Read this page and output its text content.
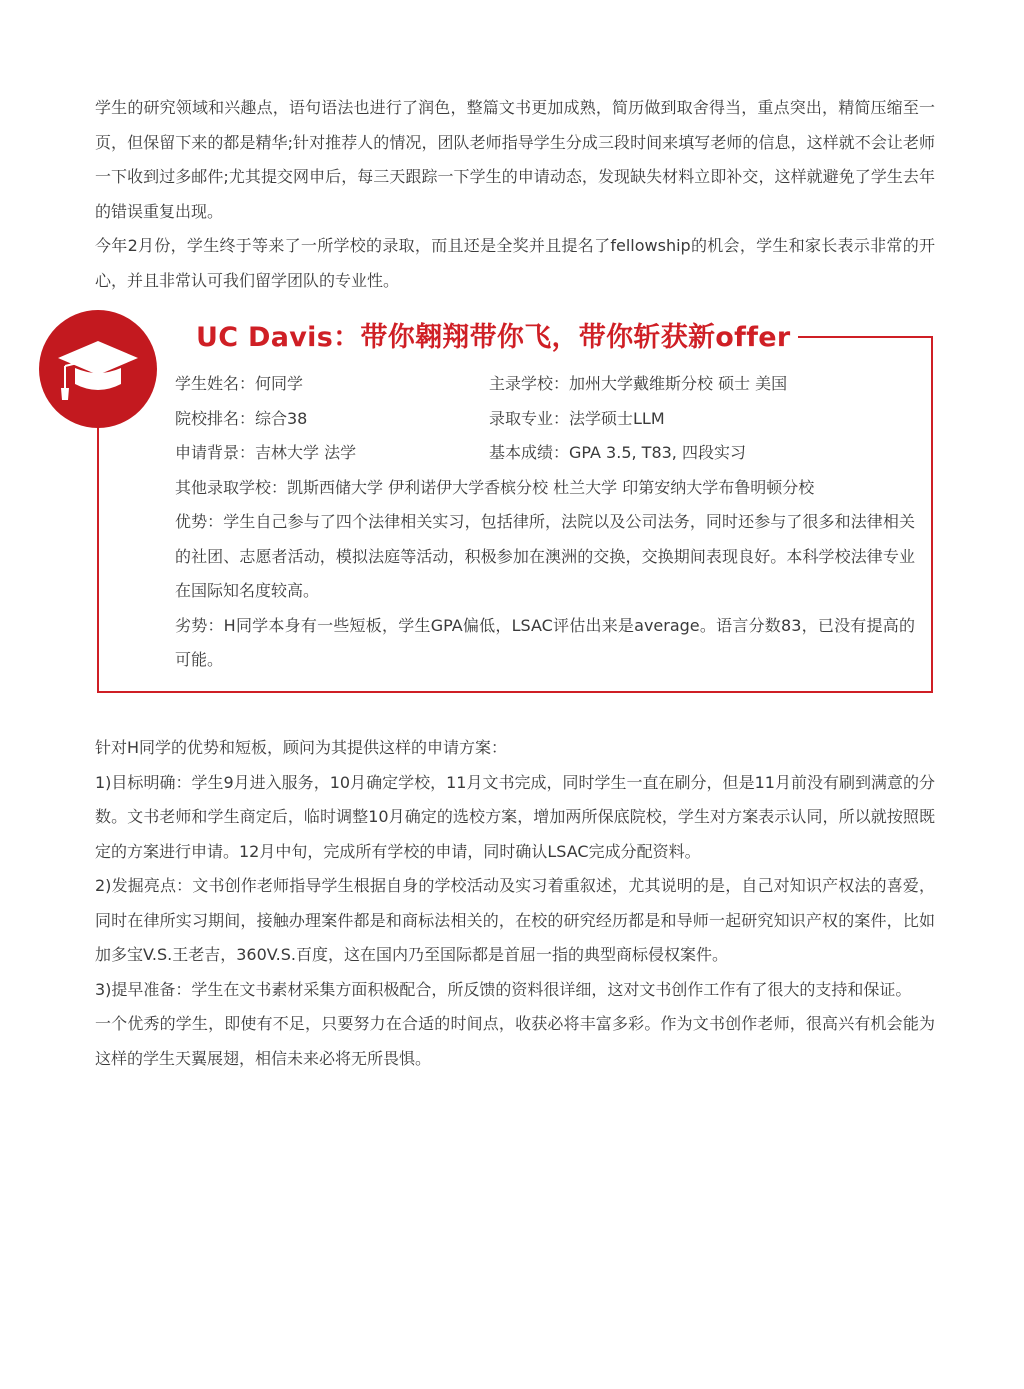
学生的研究领域和兴趣点，语句语法也进行了润色，整篇文书更加成熟，简历做到取舍得当，重点突出，精简压缩至一页，但保留下来的都是精华;针对推荐人的情况，团队老师指导学生分成三段时间来填写老师的信息，这样就不会让老师一下收到过多邮件;尤其提交网申后，每三天跟踪一下学生的申请动态，发现缺失材料立即补交，这样就避免了学生去年的错误重复出现。

今年2月份，学生终于等来了一所学校的录取，而且还是全奖并且提名了fellowship的机会，学生和家长表示非常的开心，并且非常认可我们留学团队的专业性。

UC Davis：带你翱翔带你飞，带你斩获新offer
学生姓名：何同学	主录学校：加州大学戴维斯分校 硕士 美国
院校排名：综合38	录取专业：法学硕士LLM
申请背景：吉林大学 法学	基本成绩：GPA 3.5, T83, 四段实习
其他录取学校：凯斯西储大学 伊利诺伊大学香槟分校 杜兰大学 印第安纳大学布鲁明顿分校
优势：学生自己参与了四个法律相关实习，包括律所，法院以及公司法务，同时还参与了很多和法律相关的社团、志愿者活动，模拟法庭等活动，积极参加在澳洲的交换，交换期间表现良好。本科学校法律专业在国际知名度较高。
劣势：H同学本身有一些短板，学生GPA偏低，LSAC评估出来是average。语言分数83，已没有提高的可能。
针对H同学的优势和短板，顾问为其提供这样的申请方案：
1)目标明确：学生9月进入服务，10月确定学校，11月文书完成，同时学生一直在刷分，但是11月前没有刷到满意的分数。文书老师和学生商定后，临时调整10月确定的选校方案，增加两所保底院校，学生对方案表示认同，所以就按照既定的方案进行申请。12月中旬，完成所有学校的申请，同时确认LSAC完成分配资料。
2)发掘亮点：文书创作老师指导学生根据自身的学校活动及实习着重叙述，尤其说明的是，自己对知识产权法的喜爱，同时在律所实习期间，接触办理案件都是和商标法相关的，在校的研究经历都是和导师一起研究知识产权的案件，比如加多宝V.S.王老吉，360V.S.百度，这在国内乃至国际都是首屈一指的典型商标侵权案件。
3)提早准备：学生在文书素材采集方面积极配合，所反馈的资料很详细，这对文书创作工作有了很大的支持和保证。
一个优秀的学生，即使有不足，只要努力在合适的时间点，收获必将丰富多彩。作为文书创作老师，很高兴有机会能为这样的学生天翼展翅，相信未来必将无所畏惧。
